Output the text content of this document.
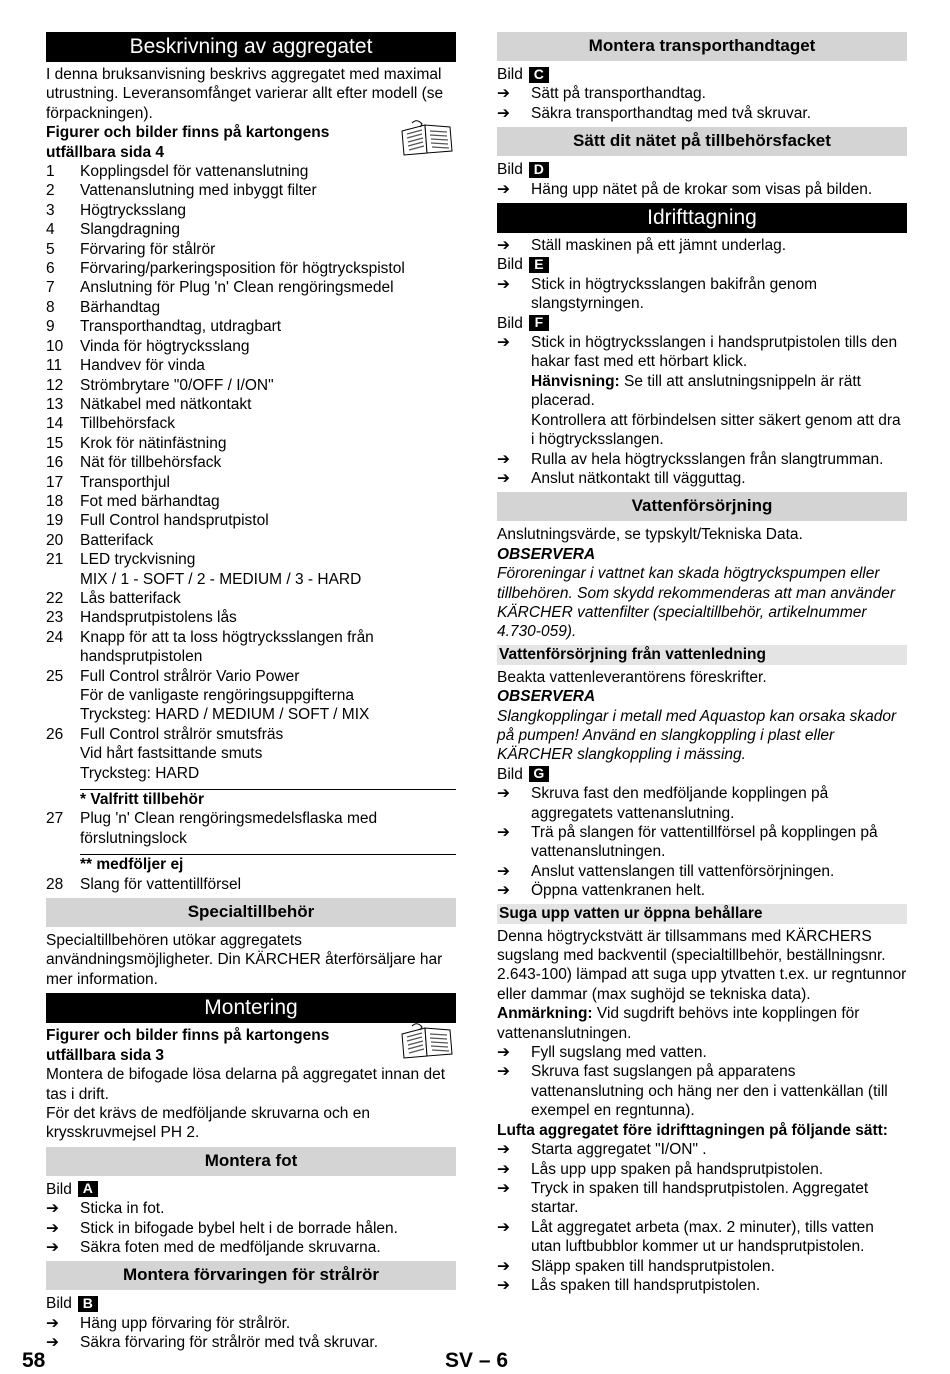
Beskrivning av aggregatet

I denna bruksanvisning beskrivs aggregatet med maximal utrustning. Leveransomfånget varierar allt efter modell (se förpackningen).

Figurer och bilder finns på kartongens utfällbara sida 4

1	Kopplingsdel för vattenanslutning
2	Vattenanslutning med inbyggt filter
3	Högtrycksslang
4	Slangdragning
5	Förvaring för stålrör
6	Förvaring/parkeringsposition för högtryckspistol
7	Anslutning för Plug 'n' Clean rengöringsmedel
8	Bärhandtag
9	Transporthandtag, utdragbart
10	Vinda för högtrycksslang
11	Handvev för vinda
12	Strömbrytare "0/OFF / I/ON"
13	Nätkabel med nätkontakt
14	Tillbehörsfack
15	Krok för nätinfästning
16	Nät för tillbehörsfack
17	Transporthjul
18	Fot med bärhandtag
19	Full Control handsprutpistol
20	Batterifack
21	LED tryckvisning
MIX / 1 - SOFT / 2 - MEDIUM / 3 - HARD
22	Lås batterifack
23	Handsprutpistolens lås
24	Knapp för att ta loss högtrycksslangen från handsprutpistolen
25	Full Control strålrör Vario Power
För de vanligaste rengöringsuppgifterna
Trycksteg: HARD / MEDIUM / SOFT / MIX
26	Full Control strålrör smutsfräs
Vid hårt fastsittande smuts
Trycksteg: HARD
* Valfritt tillbehör
27	Plug 'n' Clean rengöringsmedelsflaska med förslutningslock
** medföljer ej
28	Slang för vattentillförsel
Specialtillbehör

Specialtillbehören utökar aggregatets användningsmöjligheter. Din KÄRCHER återförsäljare har mer information.

Montering

Figurer och bilder finns på kartongens utfällbara sida 3

Montera de bifogade lösa delarna på aggregatet innan det tas i drift.

För det krävs de medföljande skruvarna och en krysskruvmejsel PH 2.

Montera fot
Bild A
➔	Sticka in fot.
➔	Stick in bifogade bybel helt i de borrade hålen.
➔	Säkra foten med de medföljande skruvarna.
Montera förvaringen för strålrör
Bild B
➔	Häng upp förvaring för strålrör.
➔	Säkra förvaring för strålrör med två skruvar.
Montera transporthandtaget
Bild C
➔	Sätt på transporthandtag.
➔	Säkra transporthandtag med två skruvar.
Sätt dit nätet på tillbehörsfacket
Bild D
➔	Häng upp nätet på de krokar som visas på bilden.
Idrifttagning
➔	Ställ maskinen på ett jämnt underlag.
Bild E
➔	Stick in högtrycksslangen bakifrån genom slangstyrningen.
Bild F
➔	Stick in högtrycksslangen i handsprutpistolen tills den hakar fast med ett hörbart klick.
Hänvisning: Se till att anslutningsnippeln är rätt placerad.
Kontrollera att förbindelsen sitter säkert genom att dra i högtrycksslangen.
➔	Rulla av hela högtrycksslangen från slangtrumman.
➔	Anslut nätkontakt till vägguttag.
Vattenförsörjning

Anslutningsvärde, se typskylt/Tekniska Data.

OBSERVERA

Föroreningar i vattnet kan skada högtryckspumpen eller tillbehören. Som skydd rekommenderas att man använder KÄRCHER vattenfilter (specialtillbehör, artikelnummer 4.730-059).

Vattenförsörjning från vattenledning

Beakta vattenleverantörens föreskrifter.

OBSERVERA

Slangkopplingar i metall med Aquastop kan orsaka skador på pumpen! Använd en slangkoppling i plast eller KÄRCHER slangkoppling i mässing.

Bild G
➔	Skruva fast den medföljande kopplingen på aggregatets vattenanslutning.
➔	Trä på slangen för vattentillförsel på kopplingen på vattenanslutningen.
➔	Anslut vattenslangen till vattenförsörjningen.
➔	Öppna vattenkranen helt.
Suga upp vatten ur öppna behållare

Denna högtryckstvätt är tillsammans med KÄRCHERS sugslang med backventil (specialtillbehör, beställningsnr. 2.643-100) lämpad att suga upp ytvatten t.ex. ur regntunnor eller dammar (max sughöjd se tekniska data).

Anmärkning: Vid sugdrift behövs inte kopplingen för vattenanslutningen.

➔	Fyll sugslang med vatten.
➔	Skruva fast sugslangen på apparatens vattenanslutning och häng ner den i vattenkällan (till exempel en regntunna).

Lufta aggregatet före idrifttagningen på följande sätt:

➔	Starta aggregatet "I/ON" .
➔	Lås upp upp spaken på handsprutpistolen.
➔	Tryck in spaken till handsprutpistolen. Aggregatet startar.
➔	Låt aggregatet arbeta (max. 2 minuter), tills vatten utan luftbubblor kommer ut ur handsprutpistolen.
➔	Släpp spaken till handsprutpistolen.
➔	Lås spaken till handsprutpistolen.
58	SV – 6
